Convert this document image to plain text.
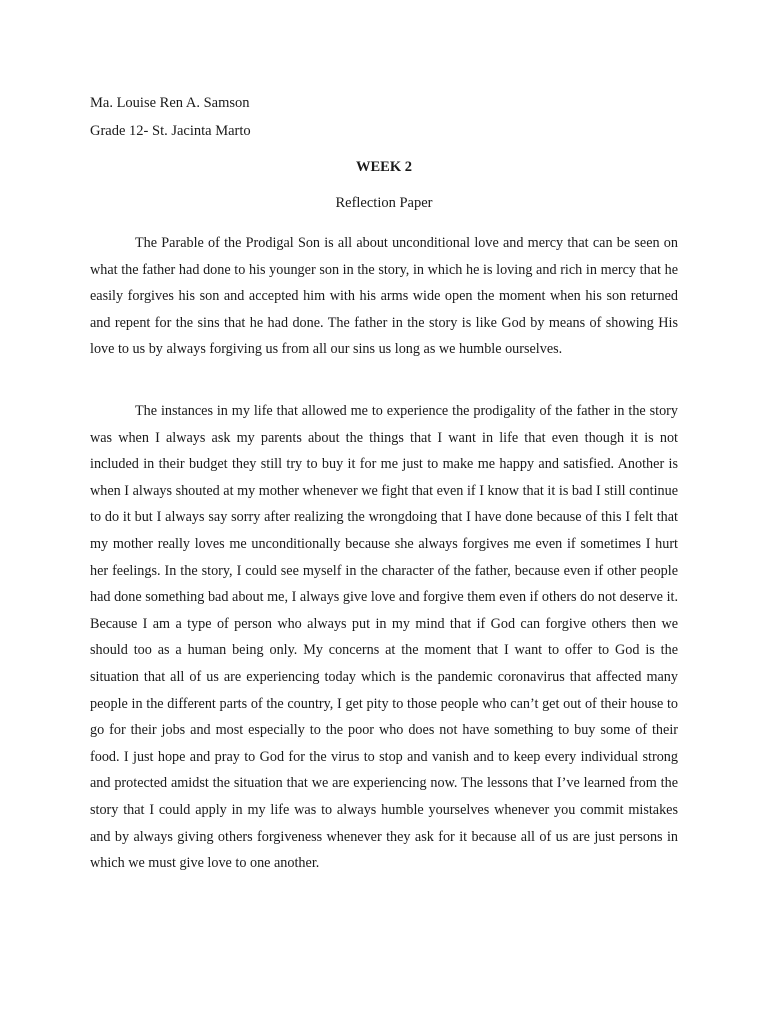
Ma. Louise Ren A. Samson
Grade 12- St. Jacinta Marto
WEEK 2
Reflection Paper

The Parable of the Prodigal Son is all about unconditional love and mercy that can be seen on what the father had done to his younger son in the story, in which he is loving and rich in mercy that he easily forgives his son and accepted him with his arms wide open the moment when his son returned and repent for the sins that he had done. The father in the story is like God by means of showing His love to us by always forgiving us from all our sins us long as we humble ourselves.

The instances in my life that allowed me to experience the prodigality of the father in the story was when I always ask my parents about the things that I want in life that even though it is not included in their budget they still try to buy it for me just to make me happy and satisfied. Another is when I always shouted at my mother whenever we fight that even if I know that it is bad I still continue to do it but I always say sorry after realizing the wrongdoing that I have done because of this I felt that my mother really loves me unconditionally because she always forgives me even if sometimes I hurt her feelings. In the story, I could see myself in the character of the father, because even if other people had done something bad about me, I always give love and forgive them even if others do not deserve it. Because I am a type of person who always put in my mind that if God can forgive others then we should too as a human being only. My concerns at the moment that I want to offer to God is the situation that all of us are experiencing today which is the pandemic coronavirus that affected many people in the different parts of the country, I get pity to those people who can’t get out of their house to go for their jobs and most especially to the poor who does not have something to buy some of their food. I just hope and pray to God for the virus to stop and vanish and to keep every individual strong and protected amidst the situation that we are experiencing now. The lessons that I’ve learned from the story that I could apply in my life was to always humble yourselves whenever you commit mistakes and by always giving others forgiveness whenever they ask for it because all of us are just persons in which we must give love to one another.
